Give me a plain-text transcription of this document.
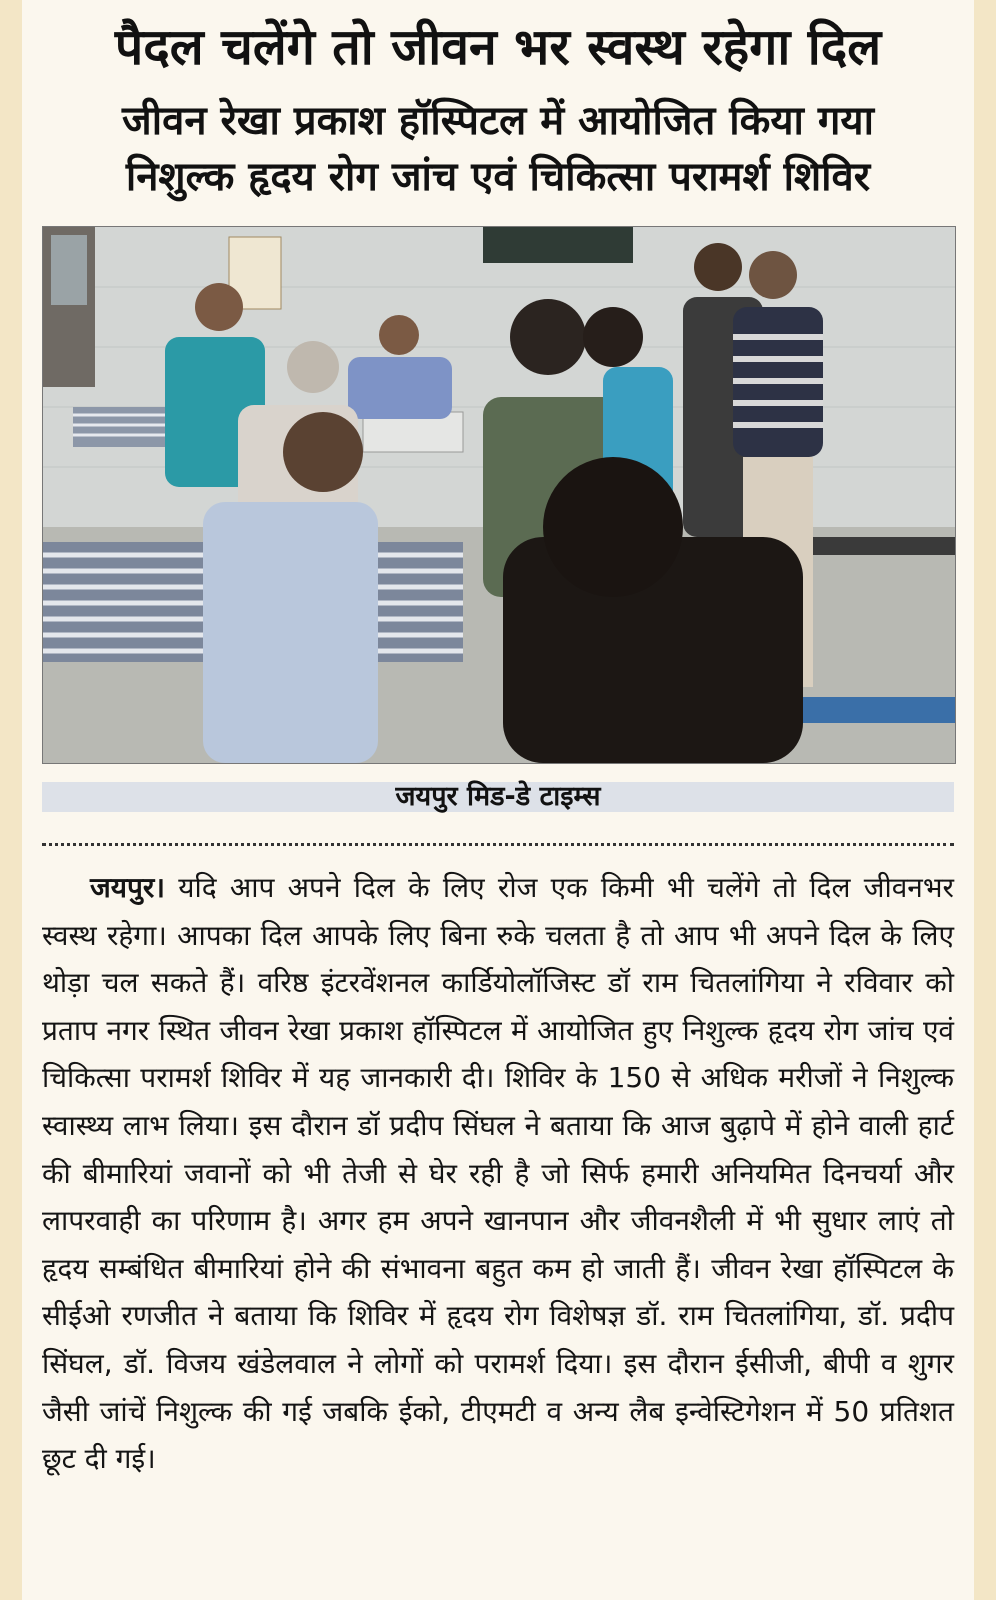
पैदल चलेंगे तो जीवन भर स्वस्थ रहेगा दिल
जीवन रेखा प्रकाश हॉस्पिटल में आयोजित किया गया
निशुल्क हृदय रोग जांच एवं चिकित्सा परामर्श शिविर
जयपुर मिड-डे टाइम्स

जयपुर। यदि आप अपने दिल के लिए रोज एक किमी भी चलेंगे तो दिल जीवनभर स्वस्थ रहेगा। आपका दिल आपके लिए बिना रुके चलता है तो आप भी अपने दिल के लिए थोड़ा चल सकते हैं। वरिष्ठ इंटरवेंशनल कार्डियोलॉजिस्ट डॉ राम चितलांगिया ने रविवार को प्रताप नगर स्थित जीवन रेखा प्रकाश हॉस्पिटल में आयोजित हुए निशुल्क हृदय रोग जांच एवं चिकित्सा परामर्श शिविर में यह जानकारी दी। शिविर के 150 से अधिक मरीजों ने निशुल्क स्वास्थ्य लाभ लिया। इस दौरान डॉ प्रदीप सिंघल ने बताया कि आज बुढ़ापे में होने वाली हार्ट की बीमारियां जवानों को भी तेजी से घेर रही है जो सिर्फ हमारी अनियमित दिनचर्या और लापरवाही का परिणाम है। अगर हम अपने खानपान और जीवनशैली में भी सुधार लाएं तो हृदय सम्बंधित बीमारियां होने की संभावना बहुत कम हो जाती हैं। जीवन रेखा हॉस्पिटल के सीईओ रणजीत ने बताया कि शिविर में हृदय रोग विशेषज्ञ डॉ. राम चितलांगिया, डॉ. प्रदीप सिंघल, डॉ. विजय खंडेलवाल ने लोगों को परामर्श दिया। इस दौरान ईसीजी, बीपी व शुगर जैसी जांचें निशुल्क की गई जबकि ईको, टीएमटी व अन्य लैब इन्वेस्टिगेशन में 50 प्रतिशत छूट दी गई।
